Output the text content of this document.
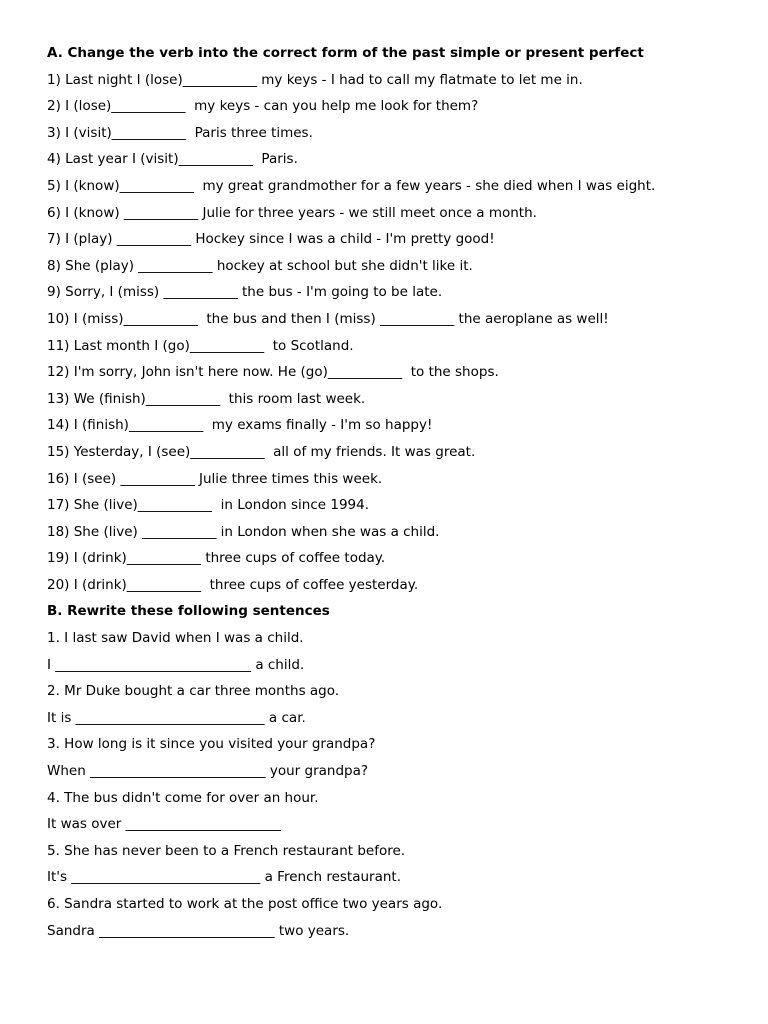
A. Change the verb into the correct form of the past simple or present perfect
1) Last night I (lose)___________ my keys - I had to call my flatmate to let me in.
2) I (lose)___________  my keys - can you help me look for them?
3) I (visit)___________  Paris three times.
4) Last year I (visit)___________  Paris.
5) I (know)___________  my great grandmother for a few years - she died when I was eight.
6) I (know) ___________ Julie for three years - we still meet once a month.
7) I (play) ___________ Hockey since I was a child - I'm pretty good!
8) She (play) ___________ hockey at school but she didn't like it.
9) Sorry, I (miss) ___________ the bus - I'm going to be late.
10) I (miss)___________  the bus and then I (miss) ___________ the aeroplane as well!
11) Last month I (go)___________  to Scotland.
12) I'm sorry, John isn't here now. He (go)___________  to the shops.
13) We (finish)___________  this room last week.
14) I (finish)___________  my exams finally - I'm so happy!
15) Yesterday, I (see)___________  all of my friends. It was great.
16) I (see) ___________ Julie three times this week.
17) She (live)___________  in London since 1994.
18) She (live) ___________ in London when she was a child.
19) I (drink)___________ three cups of coffee today.
20) I (drink)___________  three cups of coffee yesterday.
B. Rewrite these following sentences
1. I last saw David when I was a child.
I _____________________________ a child.
2. Mr Duke bought a car three months ago.
It is ____________________________ a car.
3. How long is it since you visited your grandpa?
When __________________________ your grandpa?
4. The bus didn't come for over an hour.
It was over _______________________
5. She has never been to a French restaurant before.
It's ____________________________ a French restaurant.
6. Sandra started to work at the post office two years ago.
Sandra __________________________ two years.
